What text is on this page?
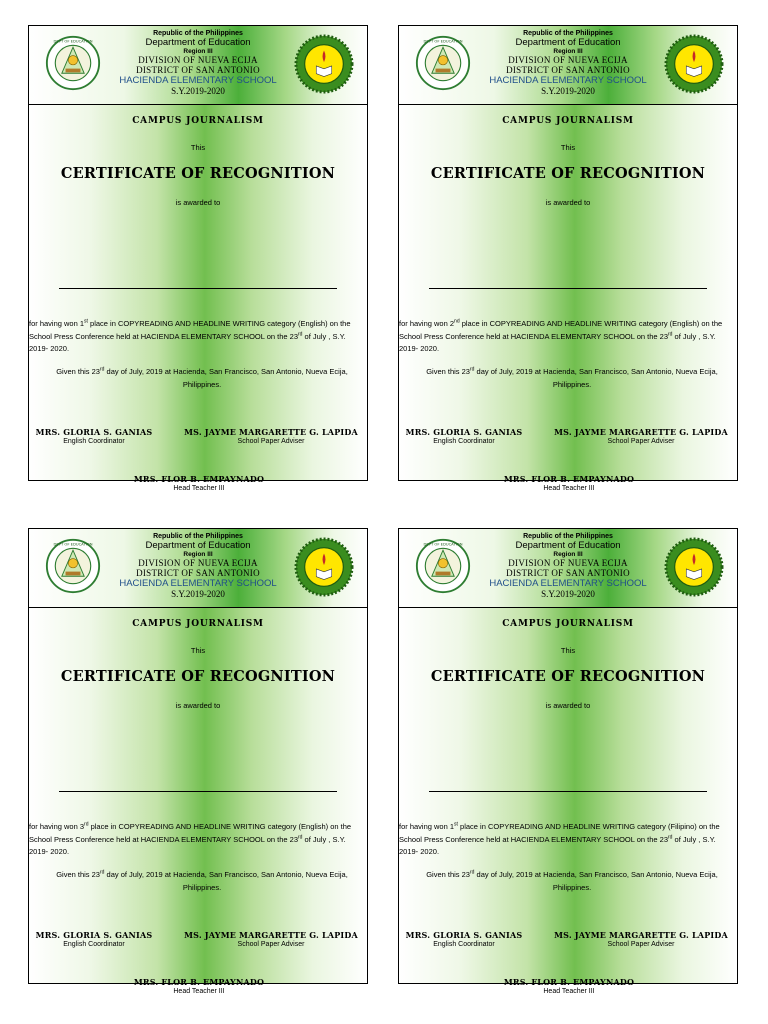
DEPT OF EDUCATION
Republic of the Philippines
Department of Education
Region III
DIVISION OF NUEVA ECIJA
DISTRICT OF SAN ANTONIO
HACIENDA ELEMENTARY SCHOOL
S.Y.2019-2020
CAMPUS JOURNALISM
This
CERTIFICATE OF RECOGNITION
is awarded to
for having won 1st place in COPYREADING AND HEADLINE WRITING category (English) on the School Press Conference held at HACIENDA ELEMENTARY SCHOOL on the 23rd of July , S.Y. 2019- 2020.
Given this 23rd day of July, 2019 at Hacienda, San Francisco, San Antonio, Nueva Ecija, Philippines.
MRS. GLORIA S. GANIAS
English Coordinator
MS. JAYME MARGARETTE G. LAPIDA
School Paper Adviser
MRS. FLOR B. EMPAYNADO
Head Teacher III
DEPT OF EDUCATION
Republic of the Philippines
Department of Education
Region III
DIVISION OF NUEVA ECIJA
DISTRICT OF SAN ANTONIO
HACIENDA ELEMENTARY SCHOOL
S.Y.2019-2020
CAMPUS JOURNALISM
This
CERTIFICATE OF RECOGNITION
is awarded to
for having won 2nd place in COPYREADING AND HEADLINE WRITING category (English) on the School Press Conference held at HACIENDA ELEMENTARY SCHOOL on the 23rd of July , S.Y. 2019- 2020.
Given this 23rd day of July, 2019 at Hacienda, San Francisco, San Antonio, Nueva Ecija, Philippines.
MRS. GLORIA S. GANIAS
English Coordinator
MS. JAYME MARGARETTE G. LAPIDA
School Paper Adviser
MRS. FLOR B. EMPAYNADO
Head Teacher III
DEPT OF EDUCATION
Republic of the Philippines
Department of Education
Region III
DIVISION OF NUEVA ECIJA
DISTRICT OF SAN ANTONIO
HACIENDA ELEMENTARY SCHOOL
S.Y.2019-2020
CAMPUS JOURNALISM
This
CERTIFICATE OF RECOGNITION
is awarded to
for having won 3rd place in COPYREADING AND HEADLINE WRITING category (English) on the School Press Conference held at HACIENDA ELEMENTARY SCHOOL on the 23rd of July , S.Y. 2019- 2020.
Given this 23rd day of July, 2019 at Hacienda, San Francisco, San Antonio, Nueva Ecija, Philippines.
MRS. GLORIA S. GANIAS
English Coordinator
MS. JAYME MARGARETTE G. LAPIDA
School Paper Adviser
MRS. FLOR B. EMPAYNADO
Head Teacher III
DEPT OF EDUCATION
Republic of the Philippines
Department of Education
Region III
DIVISION OF NUEVA ECIJA
DISTRICT OF SAN ANTONIO
HACIENDA ELEMENTARY SCHOOL
S.Y.2019-2020
CAMPUS JOURNALISM
This
CERTIFICATE OF RECOGNITION
is awarded to
for having won 1st place in COPYREADING AND HEADLINE WRITING category (Filipino) on the School Press Conference held at HACIENDA ELEMENTARY SCHOOL on the 23rd of July , S.Y. 2019- 2020.
Given this 23rd day of July, 2019 at Hacienda, San Francisco, San Antonio, Nueva Ecija, Philippines.
MRS. GLORIA S. GANIAS
English Coordinator
MS. JAYME MARGARETTE G. LAPIDA
School Paper Adviser
MRS. FLOR B. EMPAYNADO
Head Teacher III
